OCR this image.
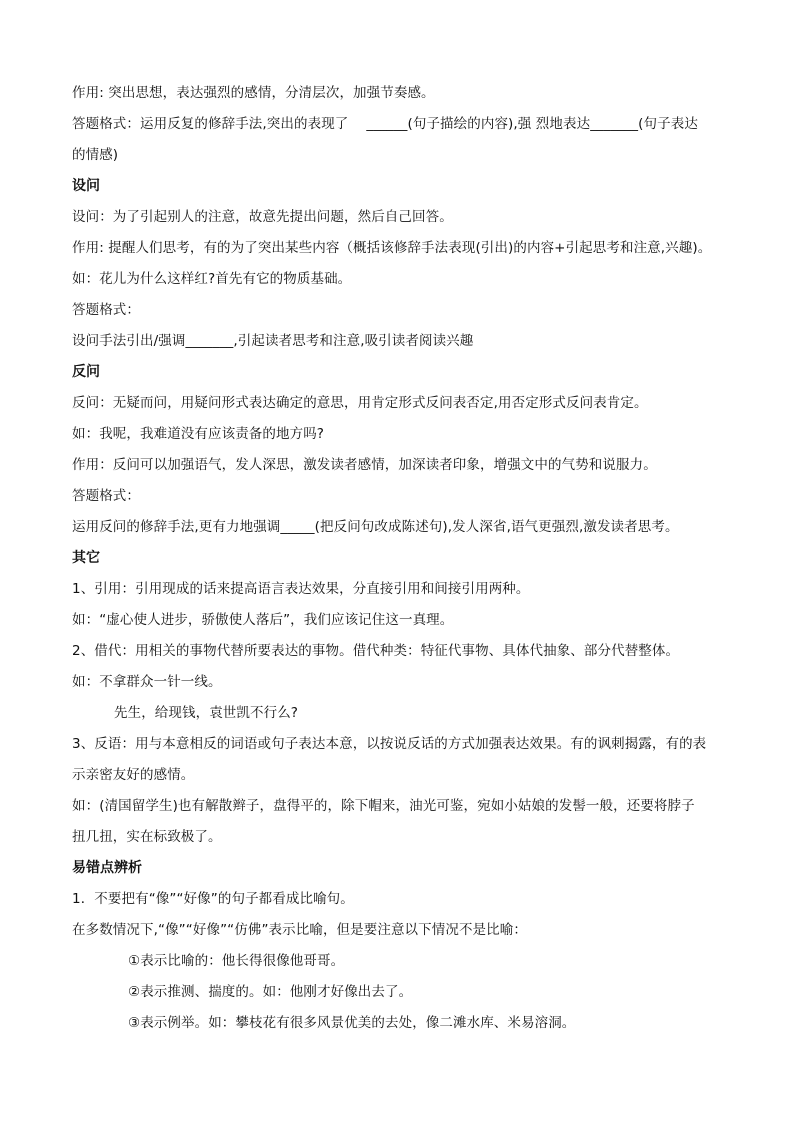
作用: 突出思想，表达强烈的感情，分清层次，加强节奏感。
答题格式：运用反复的修辞手法,突出的表现了　 ______(句子描绘的内容),强 烈地表达_______(句子表达
的情感)
设问
设问：为了引起别人的注意，故意先提出问题，然后自己回答。
作用: 提醒人们思考，有的为了突出某些内容（概括该修辞手法表现(引出)的内容+引起思考和注意,兴趣)。
如：花儿为什么这样红?首先有它的物质基础。
答题格式：
设问手法引出/强调_______,引起读者思考和注意,吸引读者阅读兴趣
反问
反问：无疑而问，用疑问形式表达确定的意思，用肯定形式反问表否定,用否定形式反问表肯定。
如：我呢，我难道没有应该责备的地方吗?
作用：反问可以加强语气，发人深思，激发读者感情，加深读者印象，增强文中的气势和说服力。
答题格式：
运用反问的修辞手法,更有力地强调_____(把反问句改成陈述句),发人深省,语气更强烈,激发读者思考。
其它
1、引用：引用现成的话来提高语言表达效果，分直接引用和间接引用两种。
如：“虚心使人进步，骄傲使人落后”，我们应该记住这一真理。
2、借代：用相关的事物代替所要表达的事物。借代种类：特征代事物、具体代抽象、部分代替整体。
如：不拿群众一针一线。
先生，给现钱，袁世凯不行么?
3、反语：用与本意相反的词语或句子表达本意，以按说反话的方式加强表达效果。有的讽刺揭露，有的表
示亲密友好的感情。
如：(清国留学生)也有解散辫子，盘得平的，除下帽来，油光可鉴，宛如小姑娘的发髻一般，还要将脖子
扭几扭，实在标致极了。
易错点辨析
1．不要把有“像”“好像”的句子都看成比喻句。
在多数情况下,“像”“好像”“仿佛”表示比喻，但是要注意以下情况不是比喻：
①表示比喻的：他长得很像他哥哥。
②表示推测、揣度的。如：他刚才好像出去了。
③表示例举。如：攀枝花有很多风景优美的去处，像二滩水库、米易溶洞。
